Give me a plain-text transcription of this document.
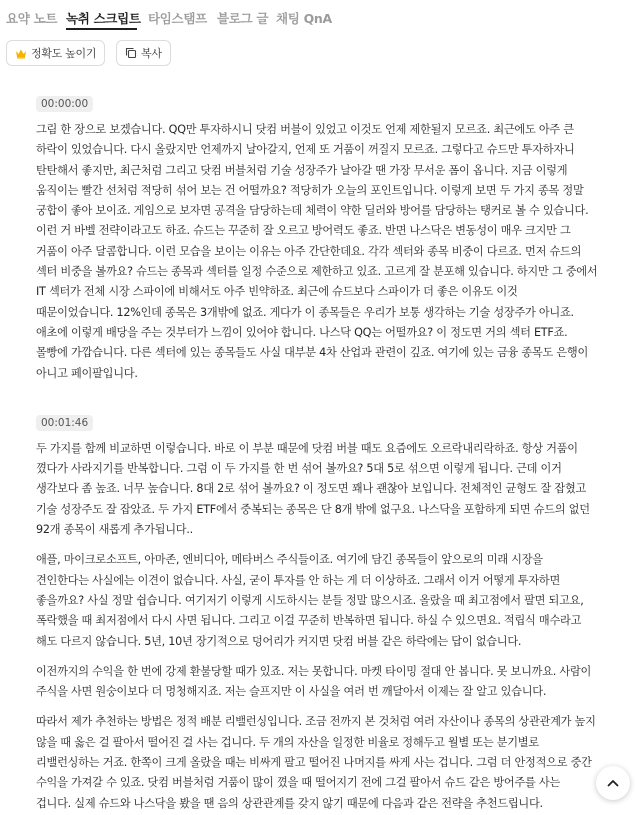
요약 노트 녹취 스크립트 타임스탬프 블로그 글 채팅 QnA
정확도 높이기	복사
00:00:00

그림 한 장으로 보겠습니다. QQ만 투자하시니 닷컴 버블이 있었고 이것도 언제 제한될지 모르죠. 최근에도 아주 큰 하락이 있었습니다. 다시 올랐지만 언제까지 날아갈지, 언제 또 거품이 꺼질지 모르죠. 그렇다고 슈드만 투자하자니 탄탄해서 좋지만, 최근처럼 그리고 닷컴 버블처럼 기술 성장주가 날아갈 땐 가장 무서운 폼이 옵니다. 지금 이렇게 움직이는 빨간 선처럼 적당히 섞어 보는 건 어떨까요? 적당히가 오늘의 포인트입니다. 이렇게 보면 두 가지 종목 정말 궁합이 좋아 보이죠. 게임으로 보자면 공격을 담당하는데 체력이 약한 딜러와 방어를 담당하는 탱커로 볼 수 있습니다. 이런 거 바벨 전략이라고도 하죠. 슈드는 꾸준히 잘 오르고 방어력도 좋죠. 반면 나스닥은 변동성이 매우 크지만 그 거품이 아주 달콤합니다. 이런 모습을 보이는 이유는 아주 간단한데요. 각각 섹터와 종목 비중이 다르죠. 먼저 슈드의 섹터 비중을 볼까요? 슈드는 종목과 섹터를 일정 수준으로 제한하고 있죠. 고르게 잘 분포해 있습니다. 하지만 그 중에서 IT 섹터가 전체 시장 스파이에 비해서도 아주 빈약하죠. 최근에 슈드보다 스파이가 더 좋은 이유도 이것 때문이었습니다. 12%인데 종목은 3개밖에 없죠. 게다가 이 종목들은 우리가 보통 생각하는 기술 성장주가 아니죠. 애초에 이렇게 배당을 주는 것부터가 느낌이 있어야 합니다. 나스닥 QQ는 어떨까요? 이 정도면 거의 섹터 ETF죠. 몰빵에 가깝습니다. 다른 섹터에 있는 종목들도 사실 대부분 4차 산업과 관련이 깊죠. 여기에 있는 금융 종목도 은행이 아니고 페이팔입니다.

00:01:46

두 가지를 함께 비교하면 이렇습니다. 바로 이 부분 때문에 닷컴 버블 때도 요즘에도 오르락내리락하죠. 항상 거품이 꼈다가 사라지기를 반복합니다. 그럼 이 두 가지를 한 번 섞어 볼까요? 5대 5로 섞으면 이렇게 됩니다. 근데 이거 생각보다 좀 높죠. 너무 높습니다. 8대 2로 섞어 볼까요? 이 정도면 꽤나 괜찮아 보입니다. 전체적인 균형도 잘 잡혔고 기술 성장주도 잘 잡았죠. 두 가지 ETF에서 중복되는 종목은 단 8개 밖에 없구요. 나스닥을 포함하게 되면 슈드의 없던 92개 종목이 새롭게 추가됩니다..

애플, 마이크로소프트, 아마존, 엔비디아, 메타버스 주식들이죠. 여기에 담긴 종목들이 앞으로의 미래 시장을 견인한다는 사실에는 이견이 없습니다. 사실, 굳이 투자를 안 하는 게 더 이상하죠. 그래서 이거 어떻게 투자하면 좋을까요? 사실 정말 쉽습니다. 여기저기 이렇게 시도하시는 분들 정말 많으시죠. 올랐을 때 최고점에서 팔면 되고요, 폭락했을 때 최저점에서 다시 사면 됩니다. 그리고 이걸 꾸준히 반복하면 됩니다. 하실 수 있으면요. 적립식 매수라고 해도 다르지 않습니다. 5년, 10년 장기적으로 덩어리가 커지면 닷컴 버블 같은 하락에는 답이 없습니다.

이전까지의 수익을 한 번에 강제 환불당할 때가 있죠. 저는 못합니다. 마켓 타이밍 절대 안 봅니다. 못 보니까요. 사람이 주식을 사면 원숭이보다 더 멍청해지죠. 저는 슬프지만 이 사실을 여러 번 깨달아서 이제는 잘 알고 있습니다.

따라서 제가 추천하는 방법은 정적 배분 리밸런싱입니다. 조금 전까지 본 것처럼 여러 자산이나 종목의 상관관계가 높지 않을 때 옳은 걸 팔아서 떨어진 걸 사는 겁니다. 두 개의 자산을 일정한 비율로 정해두고 월별 또는 분기별로 리밸런싱하는 거죠. 한쪽이 크게 올랐을 때는 비싸게 팔고 떨어진 나머지를 싸게 사는 겁니다. 그럼 더 안정적으로 중간 수익을 가져갈 수 있죠. 닷컴 버블처럼 거품이 많이 꼈을 때 떨어지기 전에 그걸 팔아서 슈드 같은 방어주를 사는 겁니다. 실제 슈드와 나스닥을 봤을 땐 음의 상관관계를 갖지 않기 때문에 다음과 같은 전략을 추천드립니다.
